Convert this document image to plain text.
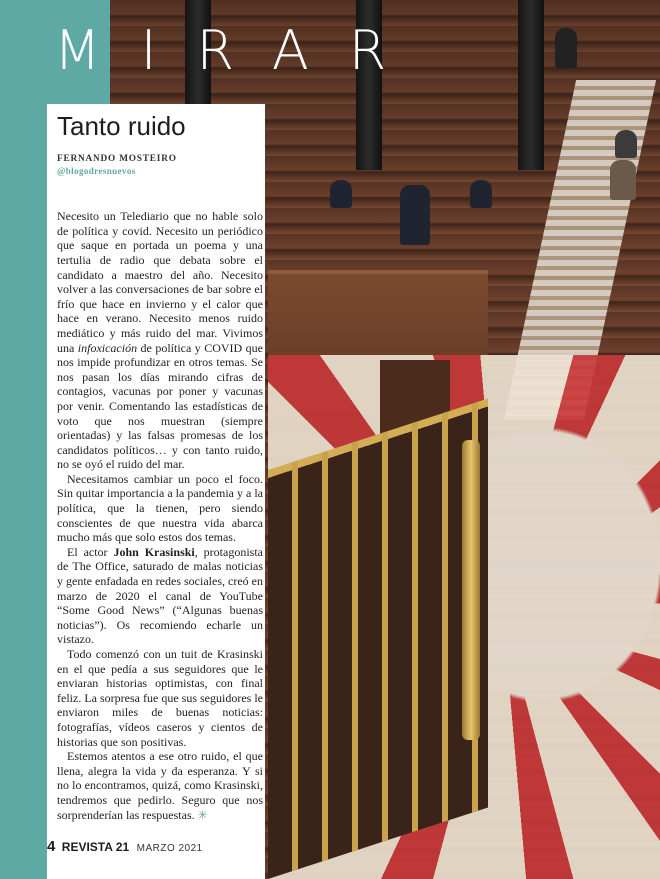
MIRAR
Tanto ruido
FERNANDO MOSTEIRO
@blogodresnuevos

Necesito un Telediario que no hable solo de política y covid. Necesito un periódico que saque en portada un poema y una tertulia de radio que debata sobre el candidato a maestro del año. Necesito volver a las conversaciones de bar sobre el frío que hace en invierno y el calor que hace en verano. Necesito menos ruido mediático y más ruido del mar. Vivimos una infoxicación de política y COVID que nos impide profundizar en otros temas. Se nos pasan los días mirando cifras de contagios, vacunas por poner y vacunas por venir. Comentando las estadísticas de voto que nos muestran (siempre orientadas) y las falsas promesas de los candidatos políticos… y con tanto ruido, no se oyó el ruido del mar.

Necesitamos cambiar un poco el foco. Sin quitar importancia a la pandemia y a la política, que la tienen, pero siendo conscientes de que nuestra vida abarca mucho más que solo estos dos temas.

El actor John Krasinski, protagonista de The Office, saturado de malas noticias y gente enfadada en redes sociales, creó en marzo de 2020 el canal de YouTube “Some Good News” (“Algunas buenas noticias”). Os recomiendo echarle un vistazo.

Todo comenzó con un tuit de Krasinski en el que pedía a sus seguidores que le enviaran historias optimistas, con final feliz. La sorpresa fue que sus seguidores le enviaron miles de buenas noticias: fotografías, vídeos caseros y cientos de historias que son positivas.

Estemos atentos a ese otro ruido, el que llena, alegra la vida y da esperanza. Y si no lo encontramos, quizá, como Krasinski, tendremos que pedirlo. Seguro que nos sorprenderían las respuestas. ✳

4 REVISTA 21 MARZO 2021
